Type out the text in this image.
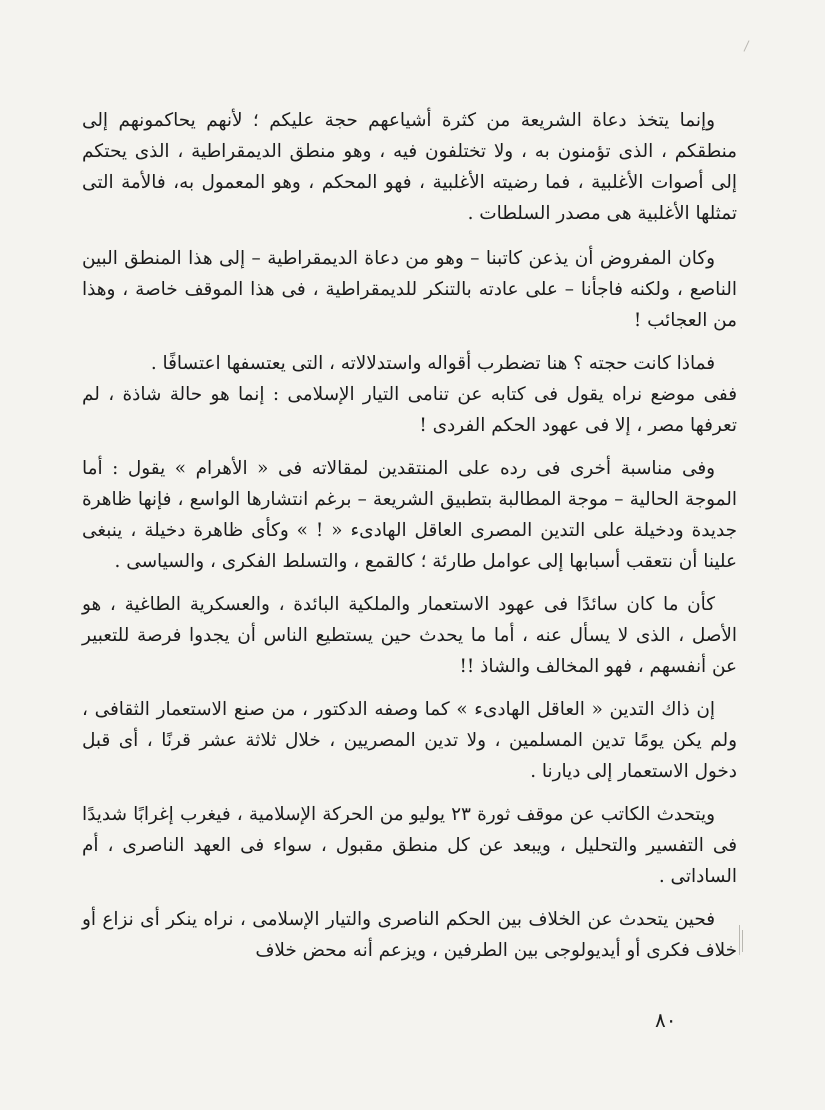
وإنما يتخذ دعاة الشريعة من كثرة أشياعهم حجة عليكم ؛ لأنهم يحاكمونهم إلى منطقكم ، الذى تؤمنون به ، ولا تختلفون فيه ، وهو منطق الديمقراطية ، الذى يحتكم إلى أصوات الأغلبية ، فما رضيته الأغلبية ، فهو المحكم ، وهو المعمول به، فالأمة التى تمثلها الأغلبية هى مصدر السلطات .

وكان المفروض أن يذعن كاتبنا – وهو من دعاة الديمقراطية – إلى هذا المنطق البين الناصع ، ولكنه فاجأنا – على عادته بالتنكر للديمقراطية ، فى هذا الموقف خاصة ، وهذا من العجائب !

فماذا كانت حجته ؟ هنا تضطرب أقواله واستدلالاته ، التى يعتسفها اعتسافًا .

ففى موضع نراه يقول فى كتابه عن تنامى التيار الإسلامى : إنما هو حالة شاذة ، لم تعرفها مصر ، إلا فى عهود الحكم الفردى !

وفى مناسبة أخرى فى رده على المنتقدين لمقالاته فى « الأهرام » يقول : أما الموجة الحالية – موجة المطالبة بتطبيق الشريعة – برغم انتشارها الواسع ، فإنها ظاهرة جديدة ودخيلة على التدين المصرى العاقل الهادىء « ! » وكأى ظاهرة دخيلة ، ينبغى علينا أن نتعقب أسبابها إلى عوامل طارئة ؛ كالقمع ، والتسلط الفكرى ، والسياسى .

كأن ما كان سائدًا فى عهود الاستعمار والملكية البائدة ، والعسكرية الطاغية ، هو الأصل ، الذى لا يسأل عنه ، أما ما يحدث حين يستطيع الناس أن يجدوا فرصة للتعبير عن أنفسهم ، فهو المخالف والشاذ !!

إن ذاك التدين « العاقل الهادىء » كما وصفه الدكتور ، من صنع الاستعمار الثقافى ، ولم يكن يومًا تدين المسلمين ، ولا تدين المصريين ، خلال ثلاثة عشر قرنًا ، أى قبل دخول الاستعمار إلى ديارنا .

ويتحدث الكاتب عن موقف ثورة ٢٣ يوليو من الحركة الإسلامية ، فيغرب إغرابًا شديدًا فى التفسير والتحليل ، ويبعد عن كل منطق مقبول ، سواء فى العهد الناصرى ، أم الساداتى .

فحين يتحدث عن الخلاف بين الحكم الناصرى والتيار الإسلامى ، نراه ينكر أى نزاع أو خلاف فكرى أو أيديولوجى بين الطرفين ، ويزعم أنه محض خلاف

٨٠
